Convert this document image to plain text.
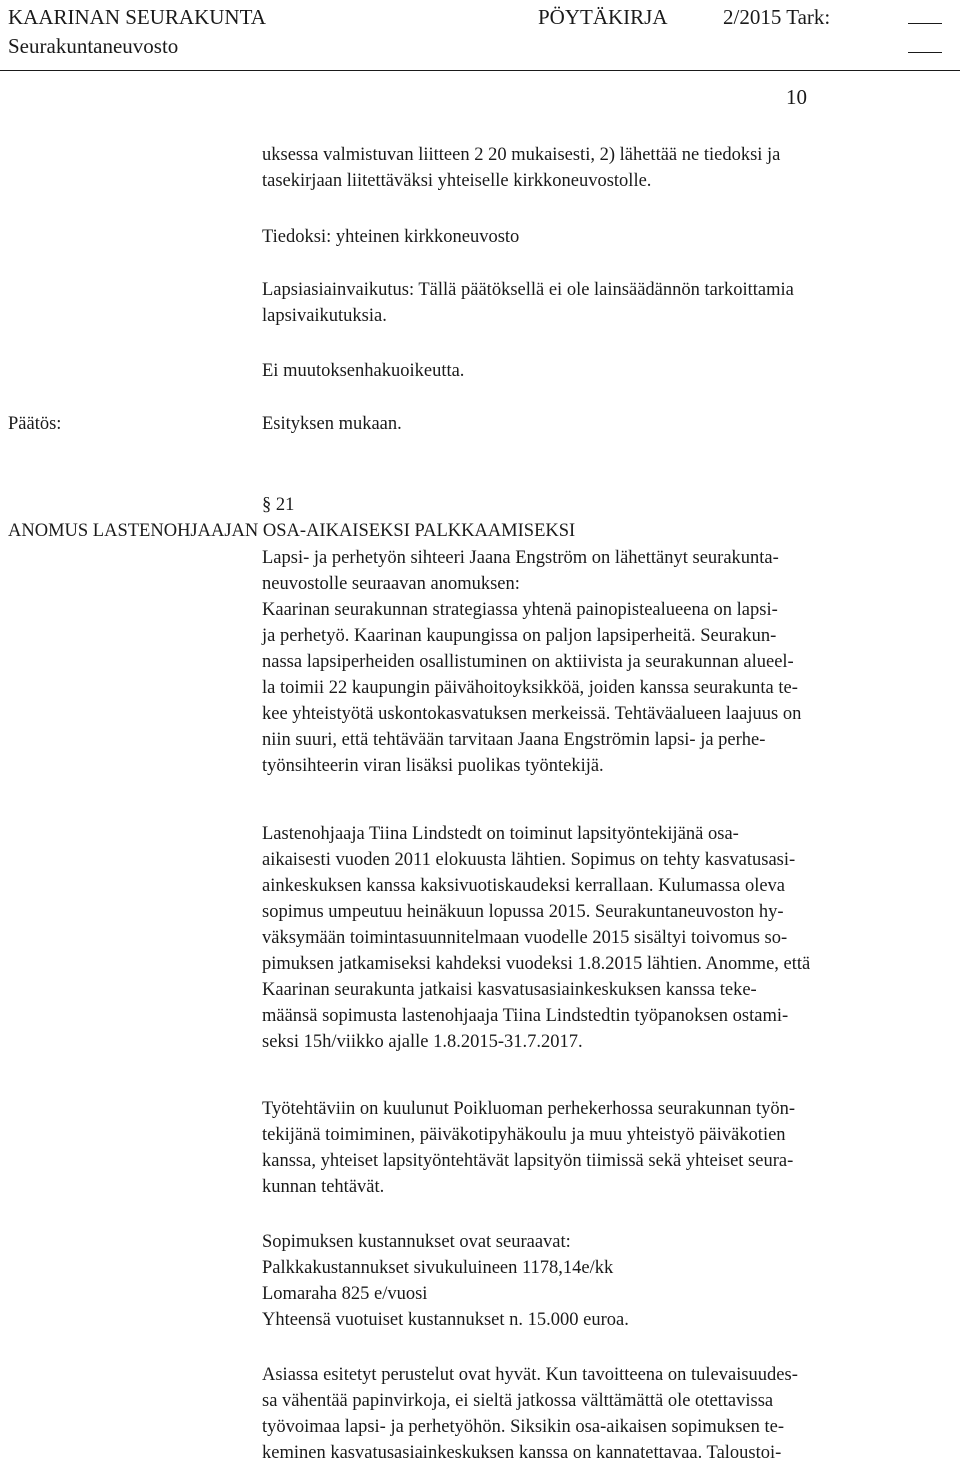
KAARINAN SEURAKUNTA	PÖYTÄKIRJA	2/2015 Tark:
Seurakuntaneuvosto
10
uksessa valmistuvan liitteen 2 20 mukaisesti, 2) lähettää ne tiedoksi ja
tasekirjaan liitettäväksi yhteiselle kirkkoneuvostolle.
Tiedoksi: yhteinen kirkkoneuvosto
Lapsiasiainvaikutus: Tällä päätöksellä ei ole lainsäädännön tarkoittamia
lapsivaikutuksia.
Ei muutoksenhakuoikeutta.
Päätös:	Esityksen mukaan.
§ 21
ANOMUS LASTENOHJAAJAN OSA-AIKAISEKSI PALKKAAMISEKSI
Lapsi- ja perhetyön sihteeri Jaana Engström on lähettänyt seurakunta-
neuvostolle seuraavan anomuksen:
Kaarinan seurakunnan strategiassa yhtenä painopistealueena on lapsi-
ja perhetyö. Kaarinan kaupungissa on paljon lapsiperheitä. Seurakun-
nassa lapsiperheiden osallistuminen on aktiivista ja seurakunnan alueel-
la toimii 22 kaupungin päivähoitoyksikköä, joiden kanssa seurakunta te-
kee yhteistyötä uskontokasvatuksen merkeissä. Tehtäväalueen laajuus on
niin suuri, että tehtävään tarvitaan Jaana Engströmin lapsi- ja perhe-
työnsihteerin viran lisäksi puolikas työntekijä.
Lastenohjaaja Tiina Lindstedt on toiminut lapsityöntekijänä osa-
aikaisesti vuoden 2011 elokuusta lähtien. Sopimus on tehty kasvatusasi-
ainkeskuksen kanssa kaksivuotiskaudeksi kerrallaan. Kulumassa oleva
sopimus umpeutuu heinäkuun lopussa 2015. Seurakuntaneuvoston hy-
väksymään toimintasuunnitelmaan vuodelle 2015 sisältyi toivomus so-
pimuksen jatkamiseksi kahdeksi vuodeksi 1.8.2015 lähtien. Anomme, että
Kaarinan seurakunta jatkaisi kasvatusasiainkeskuksen kanssa teke-
määnsä sopimusta lastenohjaaja Tiina Lindstedtin työpanoksen ostami-
seksi 15h/viikko ajalle 1.8.2015-31.7.2017.
Työtehtäviin on kuulunut Poikluoman perhekerhossa seurakunnan työn-
tekijänä toimiminen, päiväkotipyhäkoulu ja muu yhteistyö päiväkotien
kanssa, yhteiset lapsityöntehtävät lapsityön tiimissä sekä yhteiset seura-
kunnan tehtävät.
Sopimuksen kustannukset ovat seuraavat:
Palkkakustannukset sivukuluineen 1178,14e/kk
Lomaraha 825 e/vuosi
Yhteensä vuotuiset kustannukset n. 15.000 euroa.
Asiassa esitetyt perustelut ovat hyvät. Kun tavoitteena on tulevaisuudes-
sa vähentää papinvirkoja, ei sieltä jatkossa välttämättä ole otettavissa
työvoimaa lapsi- ja perhetyöhön. Siksikin osa-aikaisen sopimuksen te-
keminen kasvatusasiainkeskuksen kanssa on kannatettavaa. Taloustoi-
